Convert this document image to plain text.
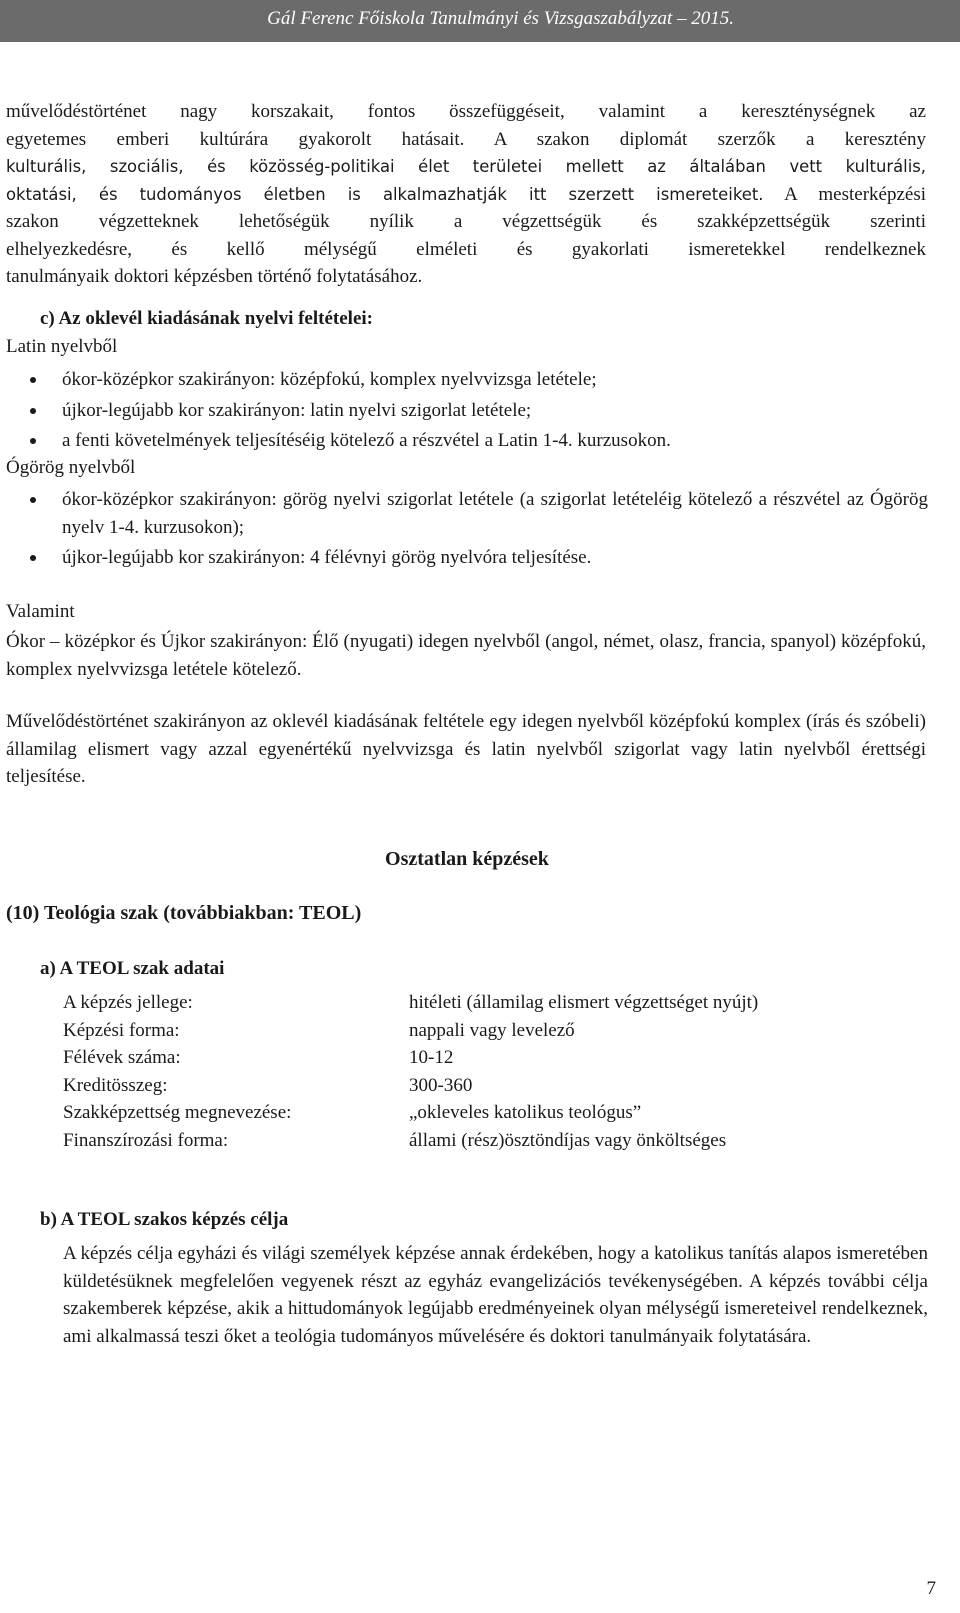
Gál Ferenc Főiskola Tanulmányi és Vizsgaszabályzat – 2015.

művelődéstörténet nagy korszakait, fontos összefüggéseit, valamint a kereszténységnek az

egyetemes emberi kultúrára gyakorolt hatásait. A szakon diplomát szerzők a keresztény

kulturális, szociális, és közösség-politikai élet területei mellett az általában vett kulturális,

oktatási, és tudományos életben is alkalmazhatják itt szerzett ismereteiket. A mesterképzési

szakon végzetteknek lehetőségük nyílik a végzettségük és szakképzettségük szerinti

elhelyezkedésre, és kellő mélységű elméleti és gyakorlati ismeretekkel rendelkeznek

tanulmányaik doktori képzésben történő folytatásához.

c) Az oklevél kiadásának nyelvi feltételei:
Latin nyelvből
ókor-középkor szakirányon: középfokú, komplex nyelvvizsga letétele;
újkor-legújabb kor szakirányon: latin nyelvi szigorlat letétele;
a fenti követelmények teljesítéséig kötelező a részvétel a Latin 1-4. kurzusokon.
Ógörög nyelvből
ókor-középkor szakirányon: görög nyelvi szigorlat letétele (a szigorlat letételéig kötelező a részvétel az Ógörög nyelv 1-4. kurzusokon);
újkor-legújabb kor szakirányon: 4 félévnyi görög nyelvóra teljesítése.
Valamint

Ókor – középkor és Újkor szakirányon: Élő (nyugati) idegen nyelvből (angol, német, olasz, francia, spanyol) középfokú, komplex nyelvvizsga letétele kötelező.

Művelődéstörténet szakirányon az oklevél kiadásának feltétele egy idegen nyelvből középfokú komplex (írás és szóbeli) államilag elismert vagy azzal egyenértékű nyelvvizsga és latin nyelvből szigorlat vagy latin nyelvből érettségi teljesítése.

Osztatlan képzések
(10) Teológia szak (továbbiakban: TEOL)
a) A TEOL szak adatai
A képzés jellege:	hitéleti (államilag elismert végzettséget nyújt)
Képzési forma:	nappali vagy levelező
Félévek száma:	10-12
Kreditösszeg:	300-360
Szakképzettség megnevezése:	„okleveles katolikus teológus”
Finanszírozási forma:	állami (rész)ösztöndíjas vagy önköltséges
b) A TEOL szakos képzés célja

A képzés célja egyházi és világi személyek képzése annak érdekében, hogy a katolikus tanítás alapos ismeretében küldetésüknek megfelelően vegyenek részt az egyház evangelizációs tevékenységében. A képzés további célja szakemberek képzése, akik a hittudományok legújabb eredményeinek olyan mélységű ismereteivel rendelkeznek, ami alkalmassá teszi őket a teológia tudományos művelésére és doktori tanulmányaik folytatására.

7
